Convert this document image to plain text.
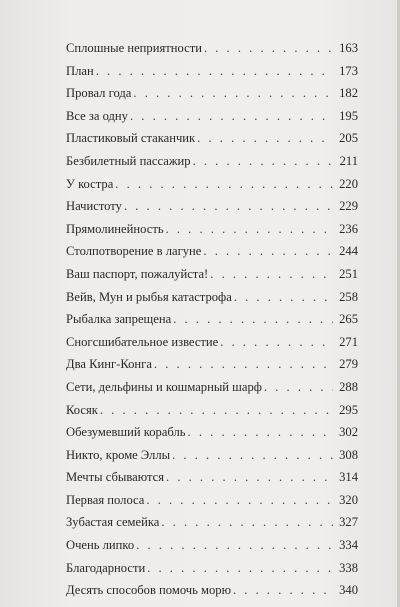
Сплошные неприятности . . .	163
План . . .	173
Провал года . . .	182
Все за одну . . .	195
Пластиковый стаканчик . . .	205
Безбилетный пассажир . . .	211
У костра . . .	220
Начистоту . . .	229
Прямолинейность . . .	236
Столпотворение в лагуне . . .	244
Ваш паспорт, пожалуйста! . . .	251
Вейв, Мун и рыбья катастрофа . . .	258
Рыбалка запрещена . . .	265
Сногсшибательное известие . . .	271
Два Кинг-Конга . . .	279
Сети, дельфины и кошмарный шарф . . .	288
Косяк . . .	295
Обезумевший корабль . . .	302
Никто, кроме Эллы . . .	308
Мечты сбываются . . .	314
Первая полоса . . .	320
Зубастая семейка . . .	327
Очень липко . . .	334
Благодарности . . .	338
Десять способов помочь морю . . .	340
